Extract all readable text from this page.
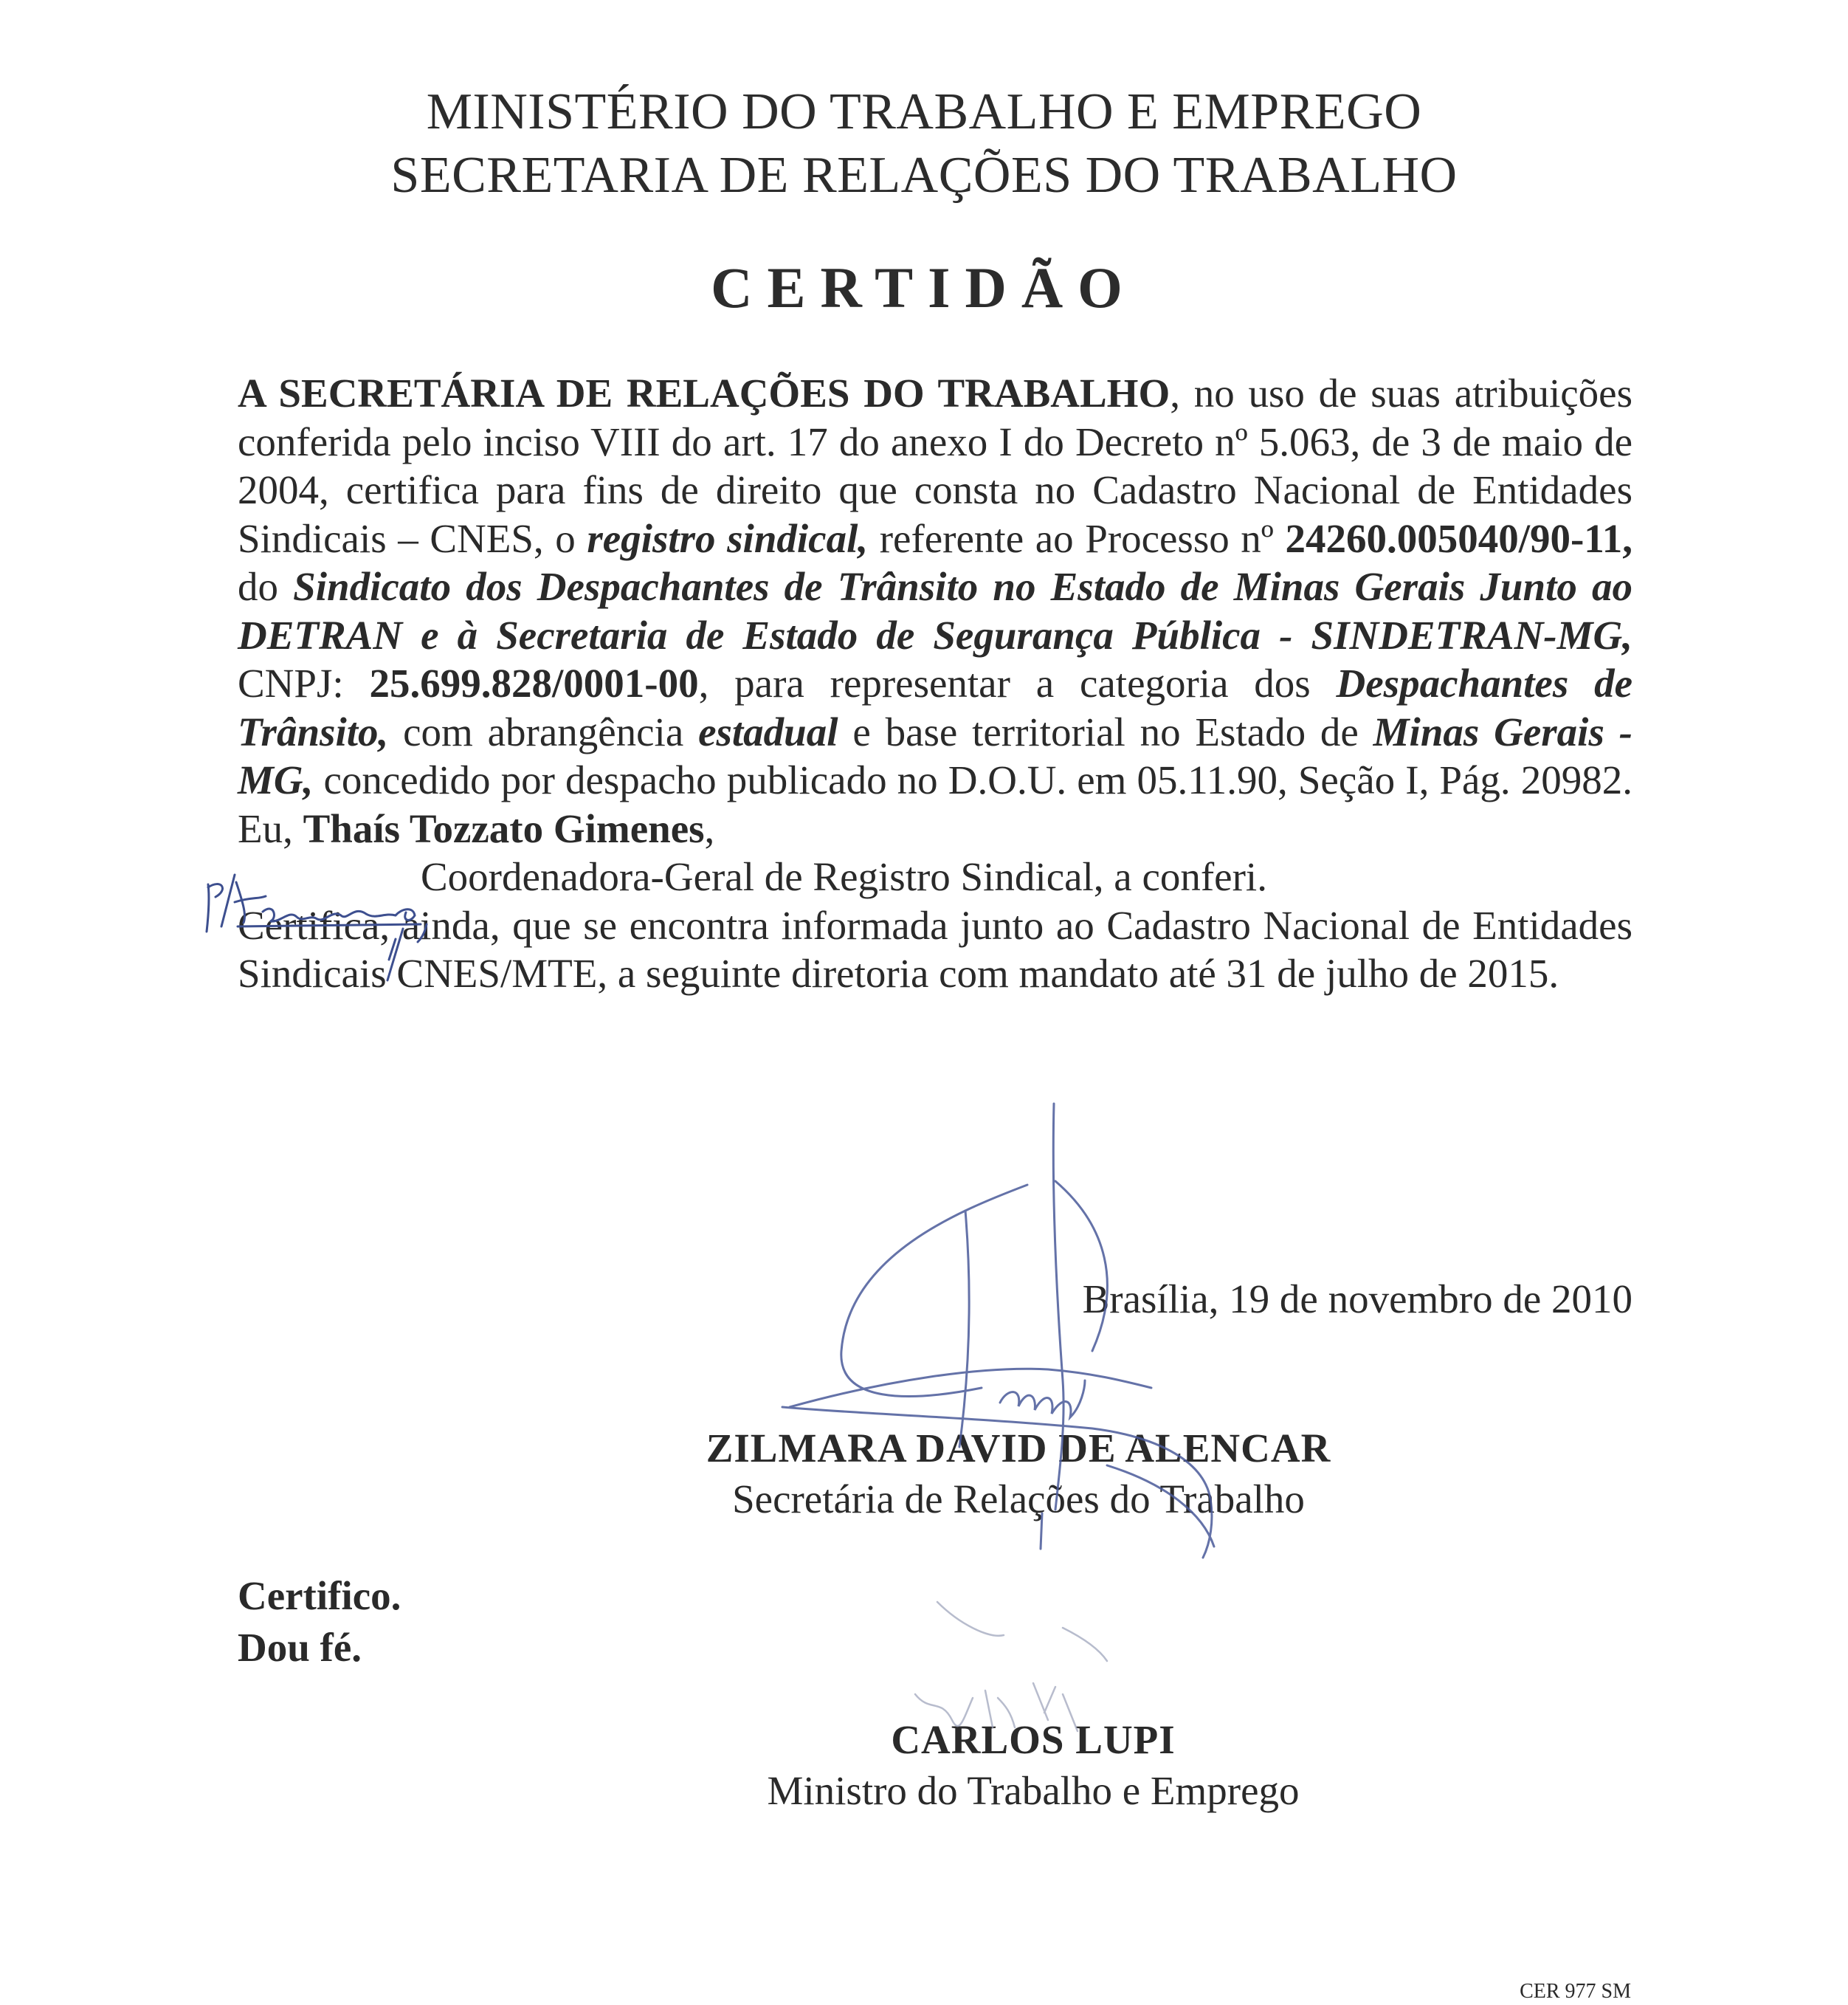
MINISTÉRIO DO TRABALHO E EMPREGO
SECRETARIA DE RELAÇÕES DO TRABALHO
CERTIDÃO

A SECRETÁRIA DE RELAÇÕES DO TRABALHO, no uso de suas atribuições conferida pelo inciso VIII do art. 17 do anexo I do Decreto nº 5.063, de 3 de maio de 2004, certifica para fins de direito que consta no Cadastro Nacional de Entidades Sindicais – CNES, o registro sindical, referente ao Processo nº 24260.005040/90-11, do Sindicato dos Despachantes de Trânsito no Estado de Minas Gerais Junto ao DETRAN e à Secretaria de Estado de Segurança Pública - SINDETRAN-MG, CNPJ: 25.699.828/0001-00, para representar a categoria dos Despachantes de Trânsito, com abrangência estadual e base territorial no Estado de Minas Gerais - MG, concedido por despacho publicado no D.O.U. em 05.11.90, Seção I, Pág. 20982. Eu, Thaís Tozzato Gimenes,
Coordenadora-Geral de Registro Sindical, a conferi.

Certifica, ainda, que se encontra informada junto ao Cadastro Nacional de Entidades Sindicais CNES/MTE, a seguinte diretoria com mandato até 31 de julho de 2015.

Brasília, 19 de novembro de 2010
ZILMARA DAVID DE ALENCAR
Secretária de Relações do Trabalho
Certifico.
Dou fé.
CARLOS LUPI
Ministro do Trabalho e Emprego
CER 977 SM
